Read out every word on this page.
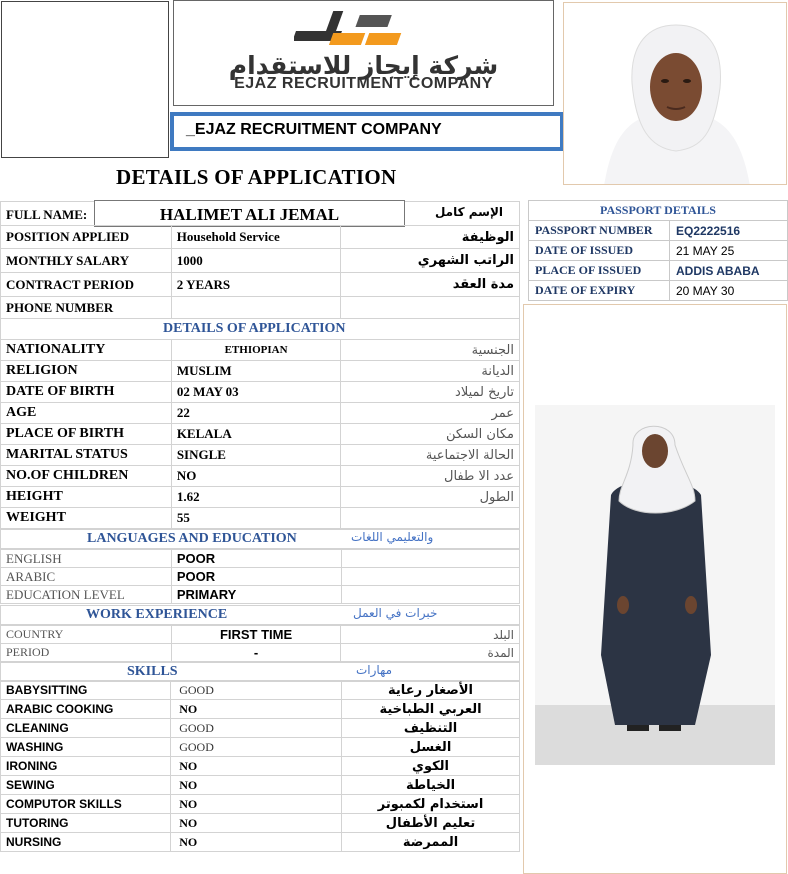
شركة إيجاز للاستقدام
EJAZ RECRUITMENT COMPANY
_EJAZ RECRUITMENT COMPANY
DETAILS OF APPLICATION
FULL NAME:	HALIMET ALI JEMAL	الإسم كامل
POSITION APPLIED	Household Service	الوظيفة
MONTHLY SALARY	1000	الراتب الشهري
CONTRACT PERIOD	2 YEARS	مدة العقد
PHONE NUMBER		
DETAILS OF APPLICATION
NATIONALITY	ETHIOPIAN	الجنسية
RELIGION	MUSLIM	الديانة
DATE OF BIRTH	02 MAY 03	تاريخ لميلاد
AGE	22	عمر
PLACE OF BIRTH	KELALA	مكان السكن
MARITAL STATUS	SINGLE	الحالة الاجتماعية
NO.OF CHILDREN	NO	عدد الا طفال
HEIGHT	1.62	الطول
WEIGHT	55	
LANGUAGES AND EDUCATION	والتعليمي اللغات
ENGLISH	POOR	
ARABIC	POOR	
EDUCATION LEVEL	PRIMARY	
WORK EXPERIENCE	خبرات في العمل
COUNTRY	FIRST TIME	البلد
PERIOD	-	المدة
SKILLS	مهارات
BABYSITTING	GOOD	الأصغار رعاية
ARABIC COOKING	NO	العربي الطباخية
CLEANING	GOOD	التنظيف
WASHING	GOOD	الغسل
IRONING	NO	الكوي
SEWING	NO	الخياطة
COMPUTOR SKILLS	NO	استخدام لكمبوتر
TUTORING	NO	تعليم الأطفال
NURSING	NO	الممرضة
PASSPORT DETAILS	
PASSPORT NUMBER	EQ2222516
DATE OF ISSUED	21 MAY 25
PLACE OF ISSUED	ADDIS ABABA
DATE OF EXPIRY	20 MAY 30
